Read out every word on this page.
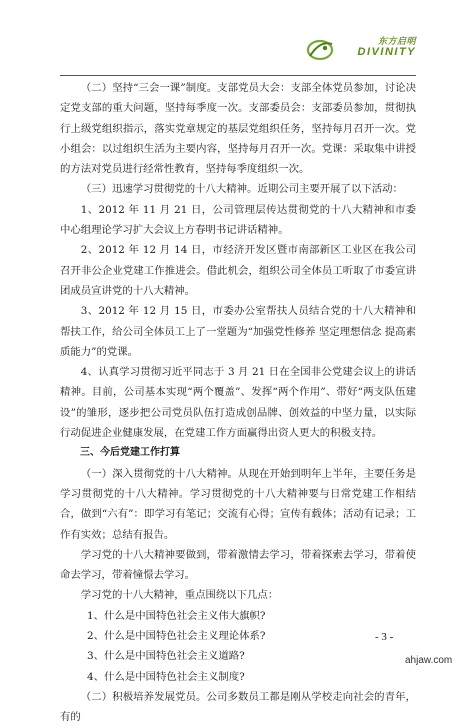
东方启明
DIVINITY

（二）坚持“三会一课”制度。支部党员大会：支部全体党员参加，讨论决定党支部的重大问题，坚持每季度一次。支部委员会：支部委员参加，贯彻执行上级党组织指示，落实党章规定的基层党组织任务，坚持每月召开一次。党小组会：以过组织生活为主要内容，坚持每月召开一次。党课：采取集中讲授的方法对党员进行经常性教育，坚持每季度组织一次。

（三）迅速学习贯彻党的十八大精神。近期公司主要开展了以下活动：

1、2012 年 11 月 21 日，公司管理层传达贯彻党的十八大精神和市委中心组理论学习扩大会议上方春明书记讲话精神。

2、2012 年 12 月 14 日，市经济开发区暨市南部新区工业区在我公司召开非公企业党建工作推进会。借此机会，组织公司全体员工听取了市委宣讲团成员宣讲党的十八大精神。

3、2012 年 12 月 15 日，市委办公室帮扶人员结合党的十八大精神和帮扶工作，给公司全体员工上了一堂题为“加强党性修养 坚定理想信念 提高素质能力”的党课。

4、认真学习贯彻习近平同志于 3 月 21 日在全国非公党建会议上的讲话精神。目前，公司基本实现“两个覆盖”、发挥“两个作用”、带好“两支队伍建设”的雏形，逐步把公司党员队伍打造成创品牌、创效益的中坚力量，以实际行动促进企业健康发展，在党建工作方面赢得出资人更大的积极支持。

三、今后党建工作打算

（一）深入贯彻党的十八大精神。从现在开始到明年上半年，主要任务是学习贯彻党的十八大精神。学习贯彻党的十八大精神要与日常党建工作相结合，做到“六有”：即学习有笔记；交流有心得；宣传有载体；活动有记录；工作有实效；总结有报告。

学习党的十八大精神要做到，带着激情去学习，带着探索去学习，带着使命去学习，带着憧憬去学习。

学习党的十八大精神，重点围绕以下几点：

1、什么是中国特色社会主义伟大旗帜?

2、什么是中国特色社会主义理论体系?

3、什么是中国特色社会主义道路?

4、什么是中国特色社会主义制度?

（二）积极培养发展党员。公司多数员工都是刚从学校走向社会的青年，有的

- 3 -
ahjaw.com
